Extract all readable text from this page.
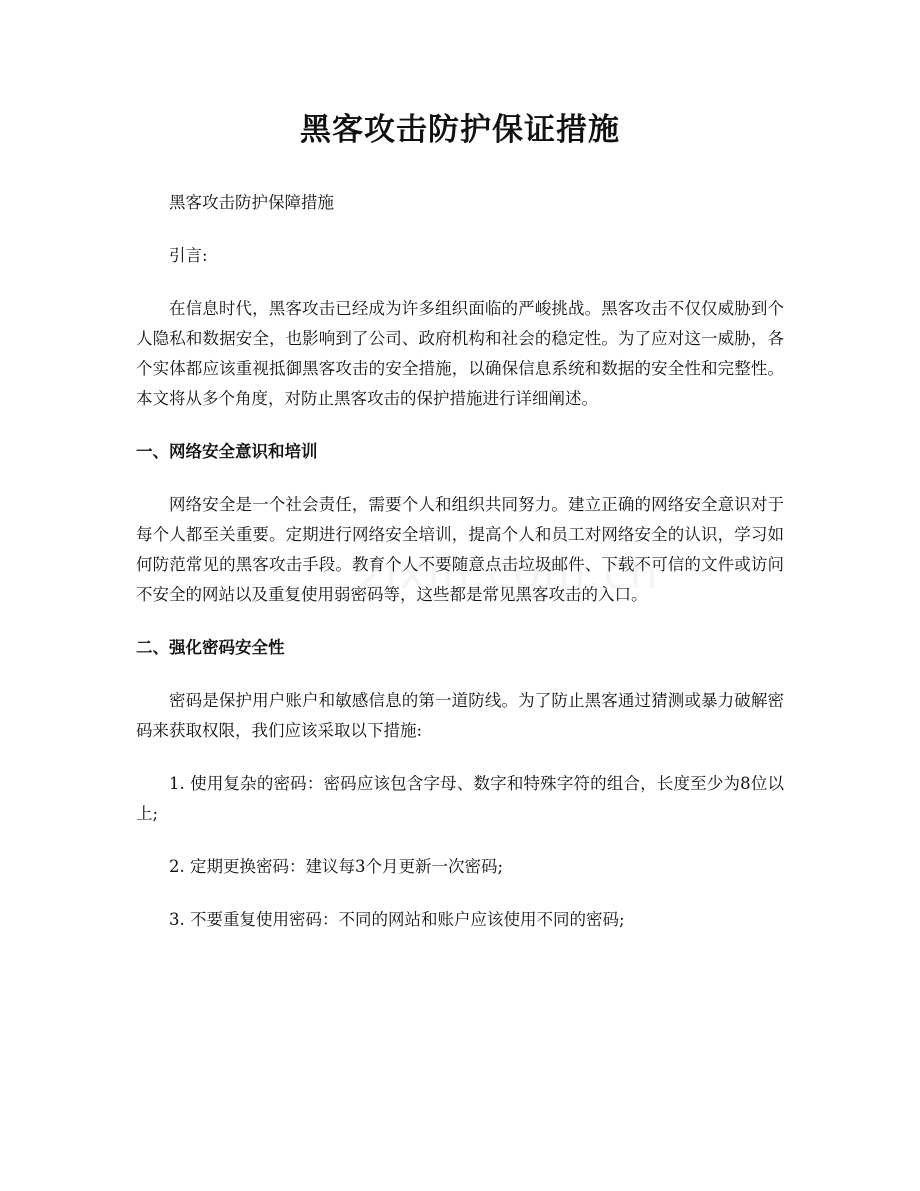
黑客攻击防护保证措施

黑客攻击防护保障措施

引言:

在信息时代，黑客攻击已经成为许多组织面临的严峻挑战。黑客攻击不仅仅威胁到个人隐私和数据安全，也影响到了公司、政府机构和社会的稳定性。为了应对这一威胁，各个实体都应该重视抵御黑客攻击的安全措施，以确保信息系统和数据的安全性和完整性。本文将从多个角度，对防止黑客攻击的保护措施进行详细阐述。

一、网络安全意识和培训

网络安全是一个社会责任，需要个人和组织共同努力。建立正确的网络安全意识对于每个人都至关重要。定期进行网络安全培训，提高个人和员工对网络安全的认识，学习如何防范常见的黑客攻击手段。教育个人不要随意点击垃圾邮件、下载不可信的文件或访问不安全的网站以及重复使用弱密码等，这些都是常见黑客攻击的入口。

二、强化密码安全性

密码是保护用户账户和敏感信息的第一道防线。为了防止黑客通过猜测或暴力破解密码来获取权限，我们应该采取以下措施:

1. 使用复杂的密码：密码应该包含字母、数字和特殊字符的组合，长度至少为8位以上;

2. 定期更换密码：建议每3个月更新一次密码;

3. 不要重复使用密码：不同的网站和账户应该使用不同的密码;
